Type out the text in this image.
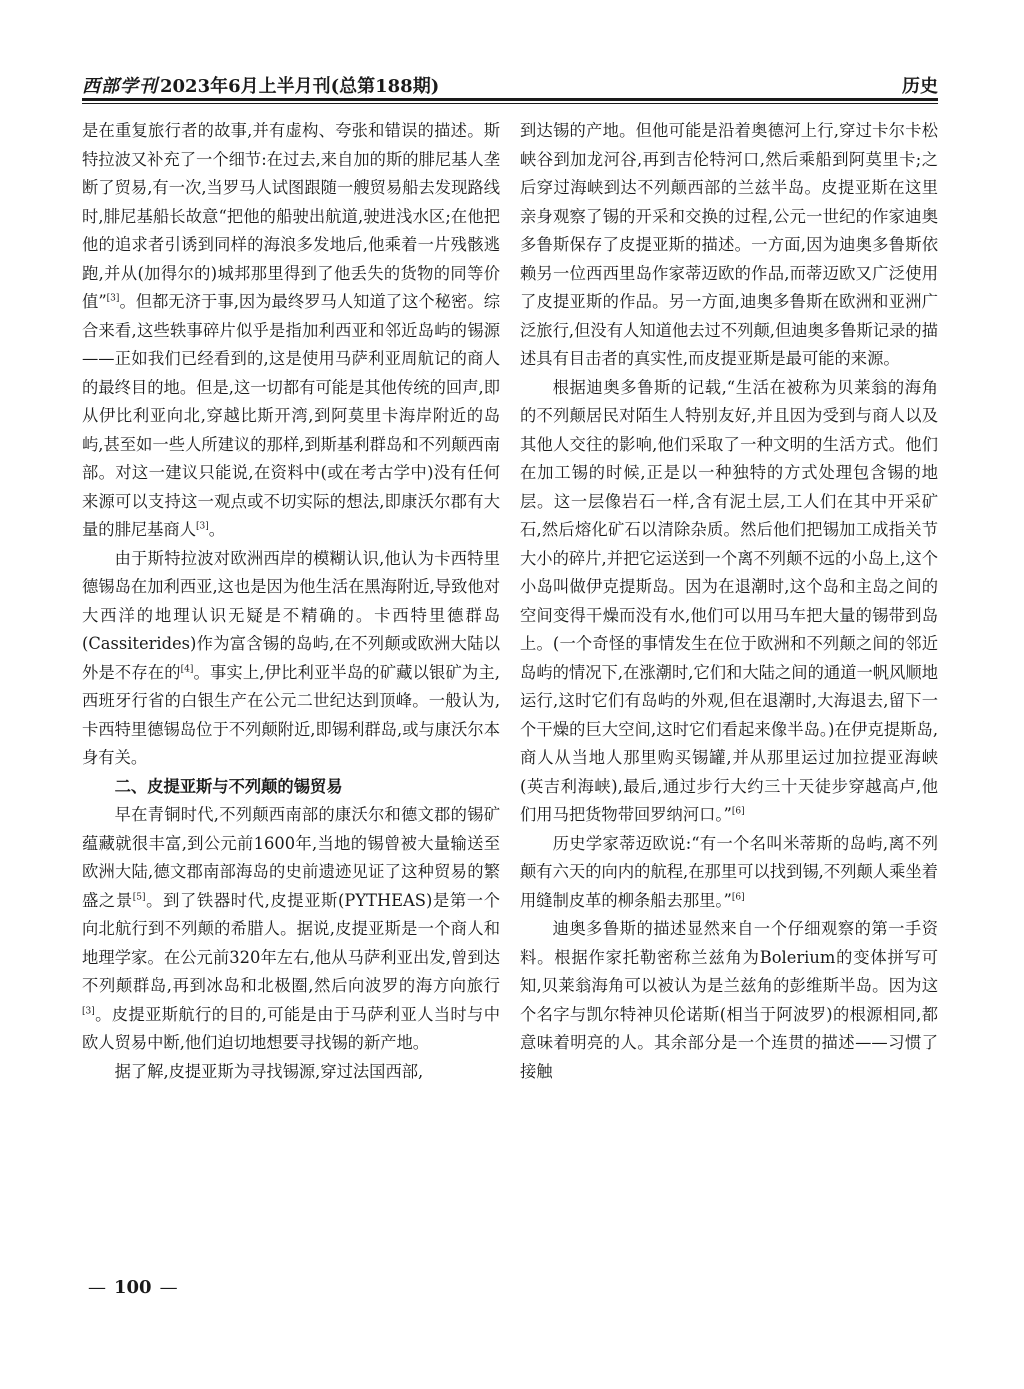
西部学刊 2023年6月上半月刊(总第188期)	历史

是在重复旅行者的故事,并有虚构、夸张和错误的描述。斯特拉波又补充了一个细节:在过去,来自加的斯的腓尼基人垄断了贸易,有一次,当罗马人试图跟随一艘贸易船去发现路线时,腓尼基船长故意“把他的船驶出航道,驶进浅水区;在他把他的追求者引诱到同样的海浪多发地后,他乘着一片残骸逃跑,并从(加得尔的)城邦那里得到了他丢失的货物的同等价值”[3]。但都无济于事,因为最终罗马人知道了这个秘密。综合来看,这些轶事碎片似乎是指加利西亚和邻近岛屿的锡源——正如我们已经看到的,这是使用马萨利亚周航记的商人的最终目的地。但是,这一切都有可能是其他传统的回声,即从伊比利亚向北,穿越比斯开湾,到阿莫里卡海岸附近的岛屿,甚至如一些人所建议的那样,到斯基利群岛和不列颠西南部。对这一建议只能说,在资料中(或在考古学中)没有任何来源可以支持这一观点或不切实际的想法,即康沃尔郡有大量的腓尼基商人[3]。

由于斯特拉波对欧洲西岸的模糊认识,他认为卡西特里德锡岛在加利西亚,这也是因为他生活在黑海附近,导致他对大西洋的地理认识无疑是不精确的。卡西特里德群岛(Cassiterides)作为富含锡的岛屿,在不列颠或欧洲大陆以外是不存在的[4]。事实上,伊比利亚半岛的矿藏以银矿为主,西班牙行省的白银生产在公元二世纪达到顶峰。一般认为,卡西特里德锡岛位于不列颠附近,即锡利群岛,或与康沃尔本身有关。

二、皮提亚斯与不列颠的锡贸易

早在青铜时代,不列颠西南部的康沃尔和德文郡的锡矿蕴藏就很丰富,到公元前1600年,当地的锡曾被大量输送至欧洲大陆,德文郡南部海岛的史前遗迹见证了这种贸易的繁盛之景[5]。到了铁器时代,皮提亚斯(PYTHEAS)是第一个向北航行到不列颠的希腊人。据说,皮提亚斯是一个商人和地理学家。在公元前320年左右,他从马萨利亚出发,曾到达不列颠群岛,再到冰岛和北极圈,然后向波罗的海方向旅行[3]。皮提亚斯航行的目的,可能是由于马萨利亚人当时与中欧人贸易中断,他们迫切地想要寻找锡的新产地。

据了解,皮提亚斯为寻找锡源,穿过法国西部,

到达锡的产地。但他可能是沿着奥德河上行,穿过卡尔卡松峡谷到加龙河谷,再到吉伦特河口,然后乘船到阿莫里卡;之后穿过海峡到达不列颠西部的兰兹半岛。皮提亚斯在这里亲身观察了锡的开采和交换的过程,公元一世纪的作家迪奥多鲁斯保存了皮提亚斯的描述。一方面,因为迪奥多鲁斯依赖另一位西西里岛作家蒂迈欧的作品,而蒂迈欧又广泛使用了皮提亚斯的作品。另一方面,迪奥多鲁斯在欧洲和亚洲广泛旅行,但没有人知道他去过不列颠,但迪奥多鲁斯记录的描述具有目击者的真实性,而皮提亚斯是最可能的来源。

根据迪奥多鲁斯的记载,“生活在被称为贝莱翁的海角的不列颠居民对陌生人特别友好,并且因为受到与商人以及其他人交往的影响,他们采取了一种文明的生活方式。他们在加工锡的时候,正是以一种独特的方式处理包含锡的地层。这一层像岩石一样,含有泥土层,工人们在其中开采矿石,然后熔化矿石以清除杂质。然后他们把锡加工成指关节大小的碎片,并把它运送到一个离不列颠不远的小岛上,这个小岛叫做伊克提斯岛。因为在退潮时,这个岛和主岛之间的空间变得干燥而没有水,他们可以用马车把大量的锡带到岛上。(一个奇怪的事情发生在位于欧洲和不列颠之间的邻近岛屿的情况下,在涨潮时,它们和大陆之间的通道一帆风顺地运行,这时它们有岛屿的外观,但在退潮时,大海退去,留下一个干燥的巨大空间,这时它们看起来像半岛。)在伊克提斯岛,商人从当地人那里购买锡罐,并从那里运过加拉提亚海峡(英吉利海峡),最后,通过步行大约三十天徒步穿越高卢,他们用马把货物带回罗纳河口。”[6]

历史学家蒂迈欧说:“有一个名叫米蒂斯的岛屿,离不列颠有六天的向内的航程,在那里可以找到锡,不列颠人乘坐着用缝制皮革的柳条船去那里。”[6]

迪奥多鲁斯的描述显然来自一个仔细观察的第一手资料。根据作家托勒密称兰兹角为Bolerium的变体拼写可知,贝莱翁海角可以被认为是兰兹角的彭维斯半岛。因为这个名字与凯尔特神贝伦诺斯(相当于阿波罗)的根源相同,都意味着明亮的人。其余部分是一个连贯的描述——习惯了接触

— 100 —
